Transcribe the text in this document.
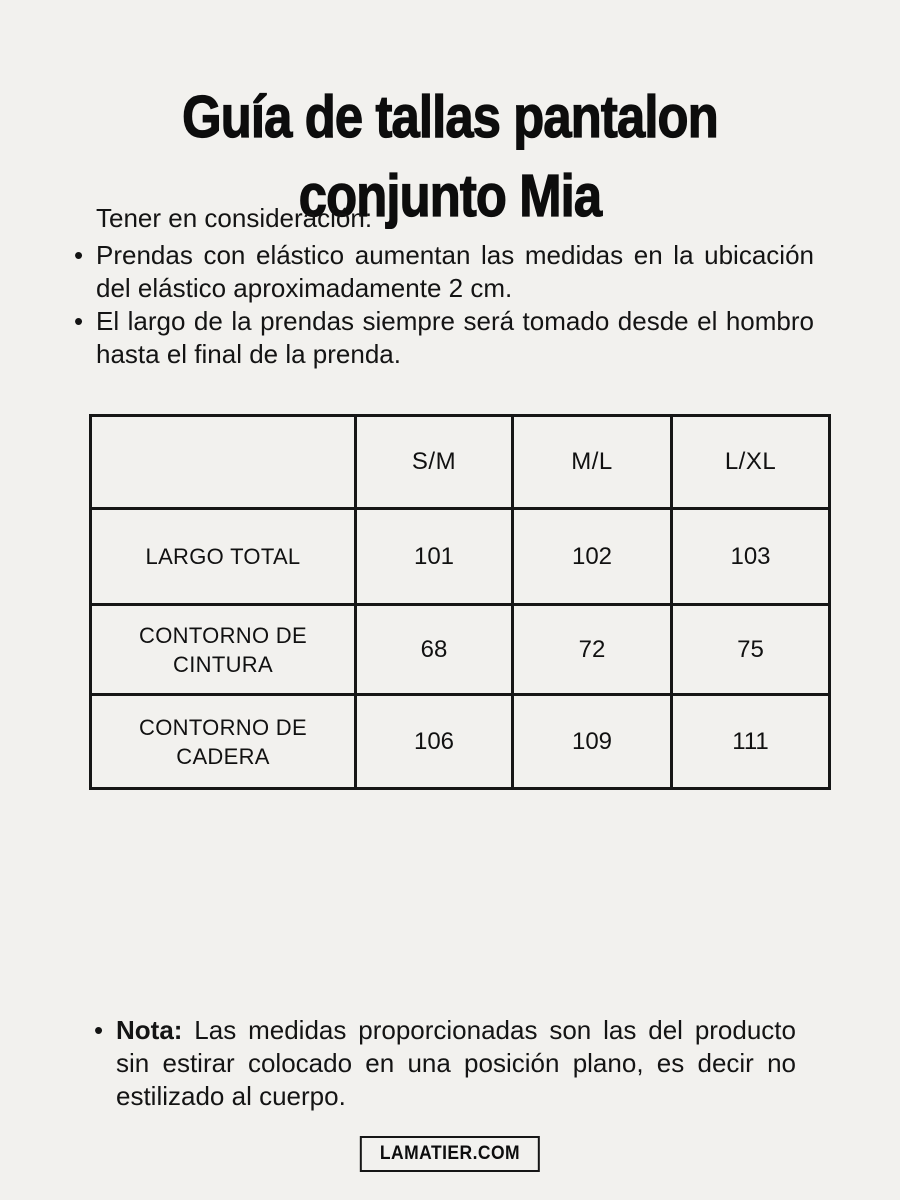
Guía de tallas pantalon
conjunto Mia

Tener en consideración:

• Prendas con elástico aumentan las medidas en la ubicación del elástico aproximadamente 2 cm.
• El largo de la prendas siempre será tomado desde el hombro hasta el final de la prenda.
	S/M	M/L	L/XL
LARGO TOTAL	101	102	103
CONTORNO DE CINTURA	68	72	75
CONTORNO DE CADERA	106	109	111
• Nota: Las medidas proporcionadas son las del producto sin estirar colocado en una posición plano, es decir no estilizado al cuerpo.
LAMATIER.COM
